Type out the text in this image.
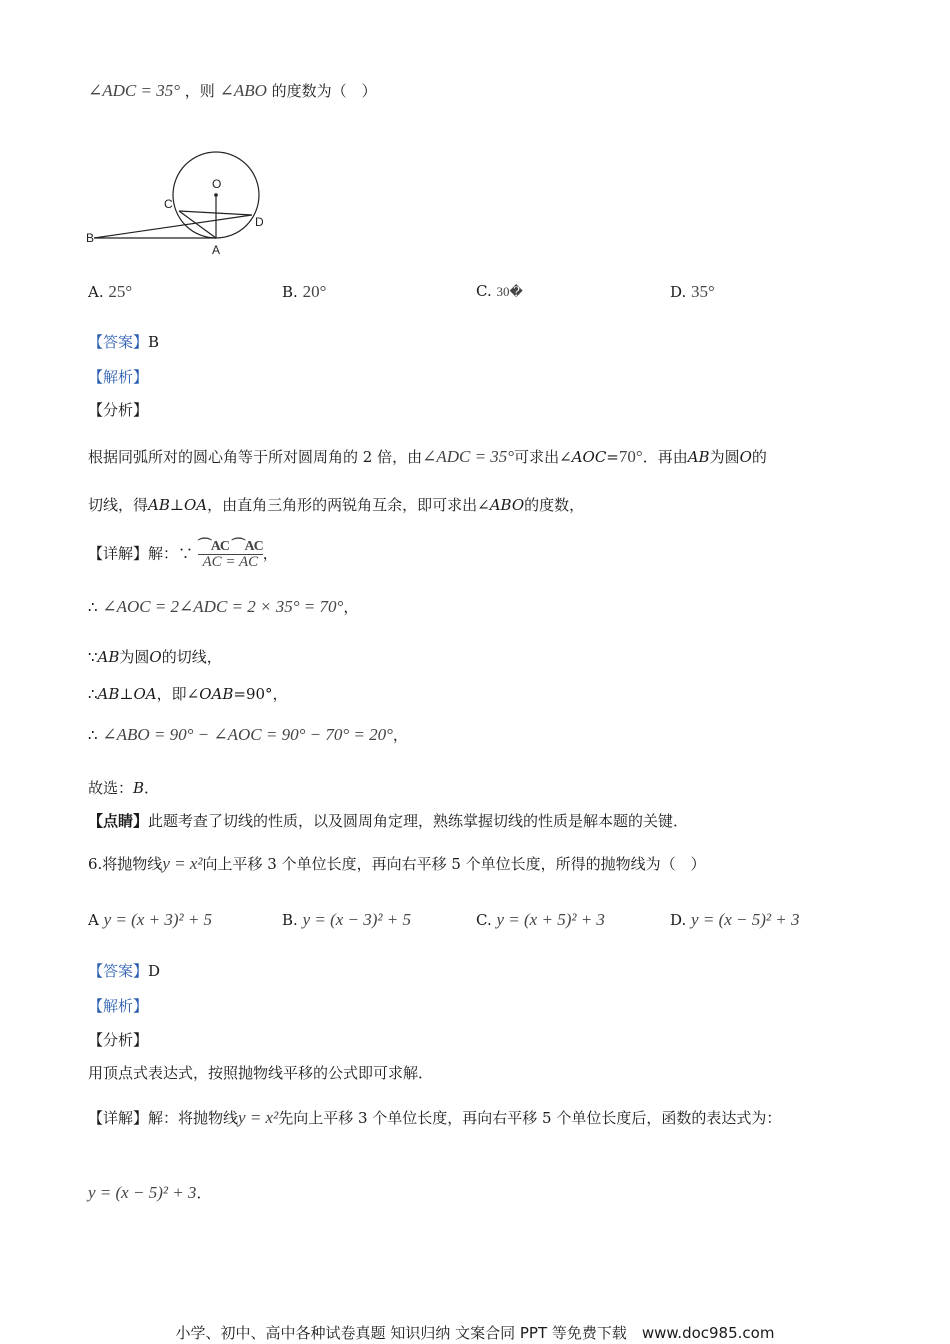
∠ADC = 35° ，则 ∠ABO 的度数为（　）
O
C
D
B
A
A. 25°	B. 20°	C. 30�	D. 35°
【答案】B
【解析】
【分析】
根据同弧所对的圆心角等于所对圆周角的 2 倍，由∠ADC = 35°可求出∠AOC=70°．再由AB为圆O的
切线，得AB⊥OA，由直角三角形的两锐角互余，即可求出∠ABO的度数，
【详解】解：∵ $\frac{⌒AC ⌒AC}{AC = AC}$ ，
∴ ∠AOC = 2∠ADC = 2 × 35° = 70°，
∵AB为圆O的切线，
∴AB⊥OA，即∠OAB=90°，
∴ ∠ABO = 90° − ∠AOC = 90° − 70° = 20°，
故选：B．
【点睛】此题考查了切线的性质，以及圆周角定理，熟练掌握切线的性质是解本题的关键．
6.将抛物线y = x²向上平移 3 个单位长度，再向右平移 5 个单位长度，所得的抛物线为（　）
A y = (x + 3)² + 5	B. y = (x − 3)² + 5	C. y = (x + 5)² + 3	D. y = (x − 5)² + 3
【答案】D
【解析】
【分析】
用顶点式表达式，按照抛物线平移的公式即可求解．
【详解】解：将抛物线y = x²先向上平移 3 个单位长度，再向右平移 5 个单位长度后，函数的表达式为：
y = (x − 5)² + 3．
小学、初中、高中各种试卷真题 知识归纳 文案合同 PPT 等免费下载　www.doc985.com
